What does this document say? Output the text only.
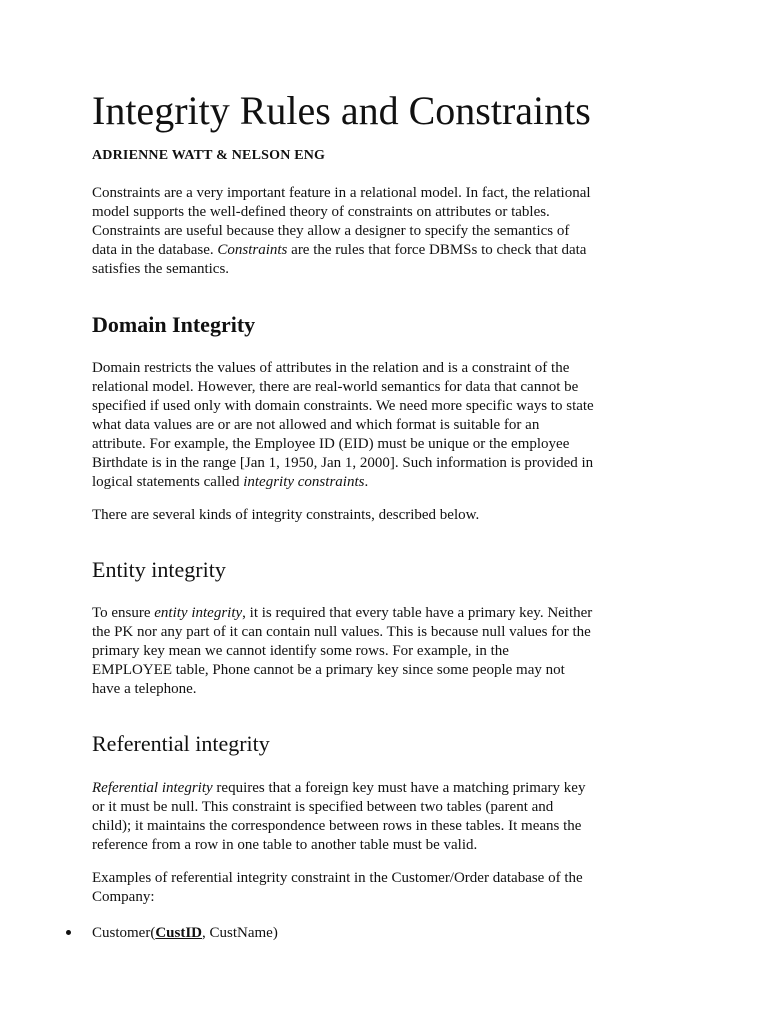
Integrity Rules and Constraints
ADRIENNE WATT & NELSON ENG

Constraints are a very important feature in a relational model. In fact, the relational
model supports the well-defined theory of constraints on attributes or tables.
Constraints are useful because they allow a designer to specify the semantics of
data in the database. Constraints are the rules that force DBMSs to check that data
satisfies the semantics.

Domain Integrity

Domain restricts the values of attributes in the relation and is a constraint of the
relational model. However, there are real-world semantics for data that cannot be
specified if used only with domain constraints. We need more specific ways to state
what data values are or are not allowed and which format is suitable for an
attribute. For example, the Employee ID (EID) must be unique or the employee
Birthdate is in the range [Jan 1, 1950, Jan 1, 2000]. Such information is provided in
logical statements called integrity constraints.

There are several kinds of integrity constraints, described below.

Entity integrity

To ensure entity integrity, it is required that every table have a primary key. Neither
the PK nor any part of it can contain null values. This is because null values for the
primary key mean we cannot identify some rows. For example, in the
EMPLOYEE table, Phone cannot be a primary key since some people may not
have a telephone.

Referential integrity

Referential integrity requires that a foreign key must have a matching primary key
or it must be null. This constraint is specified between two tables (parent and
child); it maintains the correspondence between rows in these tables. It means the
reference from a row in one table to another table must be valid.

Examples of referential integrity constraint in the Customer/Order database of the
Company:

Customer(CustID, CustName)
